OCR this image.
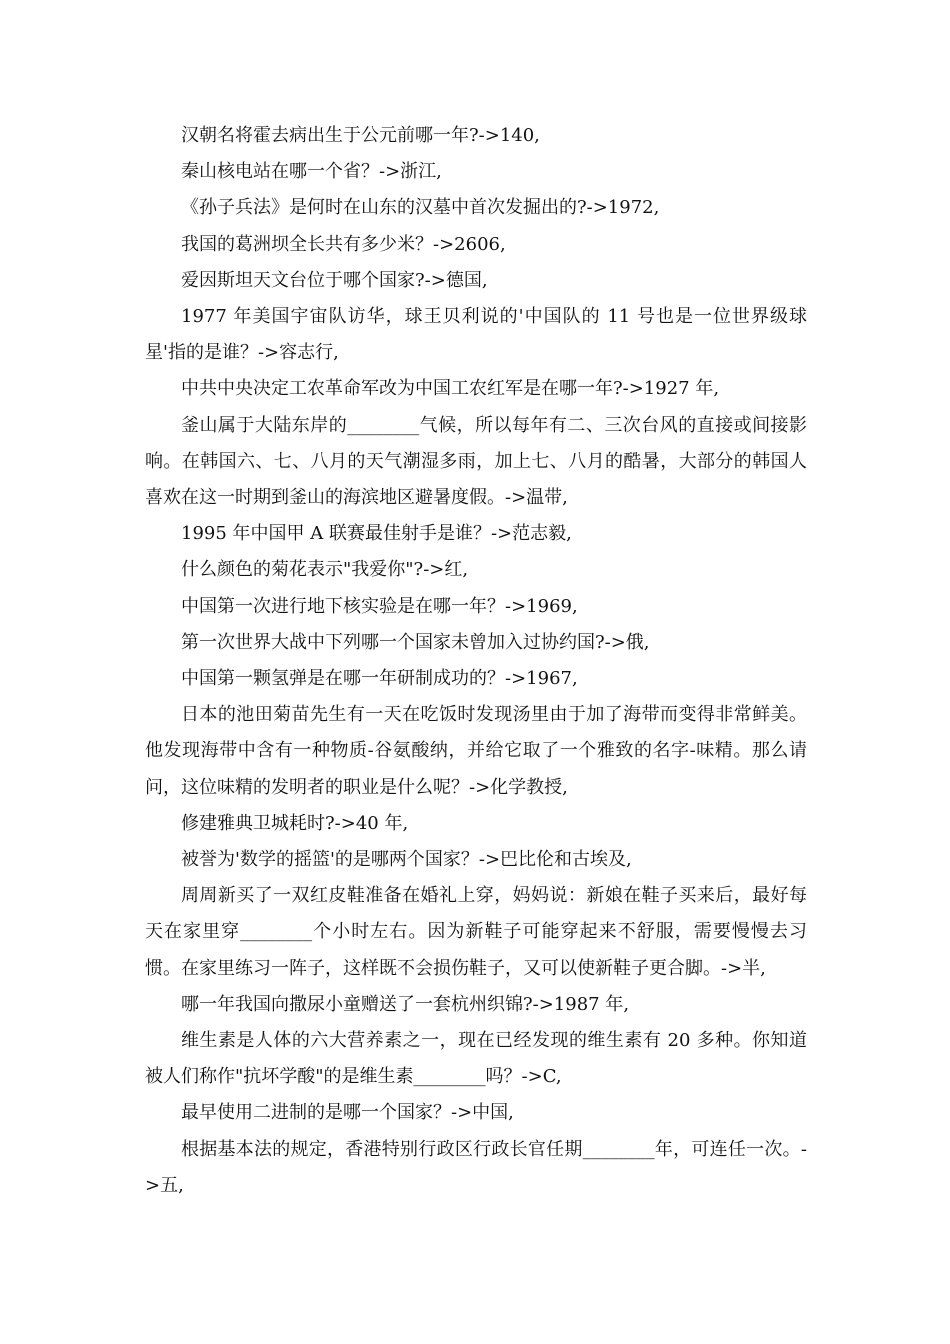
汉朝名将霍去病出生于公元前哪一年?->140,

秦山核电站在哪一个省？->浙江,

《孙子兵法》是何时在山东的汉墓中首次发掘出的?->1972,

我国的葛洲坝全长共有多少米？->2606,

爱因斯坦天文台位于哪个国家?->德国,

1977 年美国宇宙队访华，球王贝利说的'中国队的 11 号也是一位世界级球星'指的是谁？->容志行,

中共中央决定工农革命军改为中国工农红军是在哪一年?->1927 年,

釜山属于大陆东岸的________气候，所以每年有二、三次台风的直接或间接影响。在韩国六、七、八月的天气潮湿多雨，加上七、八月的酷暑，大部分的韩国人喜欢在这一时期到釜山的海滨地区避暑度假。->温带,

1995 年中国甲 A 联赛最佳射手是谁？->范志毅,

什么颜色的菊花表示"我爱你"?->红,

中国第一次进行地下核实验是在哪一年？->1969,

第一次世界大战中下列哪一个国家未曾加入过协约国?->俄,

中国第一颗氢弹是在哪一年研制成功的？->1967,

日本的池田菊苗先生有一天在吃饭时发现汤里由于加了海带而变得非常鲜美。他发现海带中含有一种物质-谷氨酸纳，并给它取了一个雅致的名字-味精。那么请问，这位味精的发明者的职业是什么呢？->化学教授,

修建雅典卫城耗时?->40 年,

被誉为'数学的摇篮'的是哪两个国家？->巴比伦和古埃及,

周周新买了一双红皮鞋准备在婚礼上穿，妈妈说：新娘在鞋子买来后，最好每天在家里穿________个小时左右。因为新鞋子可能穿起来不舒服，需要慢慢去习惯。在家里练习一阵子，这样既不会损伤鞋子，又可以使新鞋子更合脚。->半,

哪一年我国向撒尿小童赠送了一套杭州织锦?->1987 年,

维生素是人体的六大营养素之一，现在已经发现的维生素有 20 多种。你知道被人们称作"抗坏学酸"的是维生素________吗？->C,

最早使用二进制的是哪一个国家？->中国,

根据基本法的规定，香港特别行政区行政长官任期________年，可连任一次。->五,
